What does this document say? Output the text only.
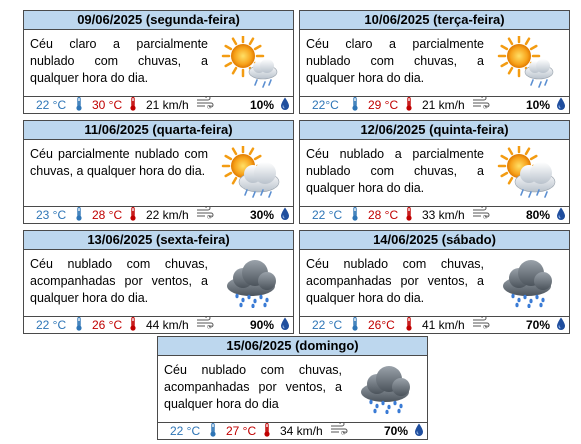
09/06/2025 (segunda-feira)
Céu claro a parcialmente nublado com chuvas, a qualquer hora do dia.
22 °C 30 °C 21 km/h	GF	10%
10/06/2025 (terça-feira)
Céu claro a parcialmente nublado com chuvas, a qualquer hora do dia.
22°C 29 °C 21 km/h	GF	10%
11/06/2025 (quarta-feira)
Céu parcialmente nublado com chuvas, a qualquer hora do dia.
23 °C 28 °C 22 km/h	GF	30%
12/06/2025 (quinta-feira)
Céu nublado a parcialmente nublado com chuvas, a qualquer hora do dia.
22 °C 28 °C 33 km/h	GF	80%
13/06/2025 (sexta-feira)
Céu nublado com chuvas, acompanhadas por ventos, a qualquer hora do dia.
22 °C 26 °C 44 km/h	GF	90%
14/06/2025 (sábado)
Céu nublado com chuvas, acompanhadas por ventos, a qualquer hora do dia.
22 °C 26°C 41 km/h	GF	70%
15/06/2025 (domingo)
Céu nublado com chuvas, acompanhadas por ventos, a qualquer hora do dia
22 °C 27 °C 34 km/h	GF	70%
